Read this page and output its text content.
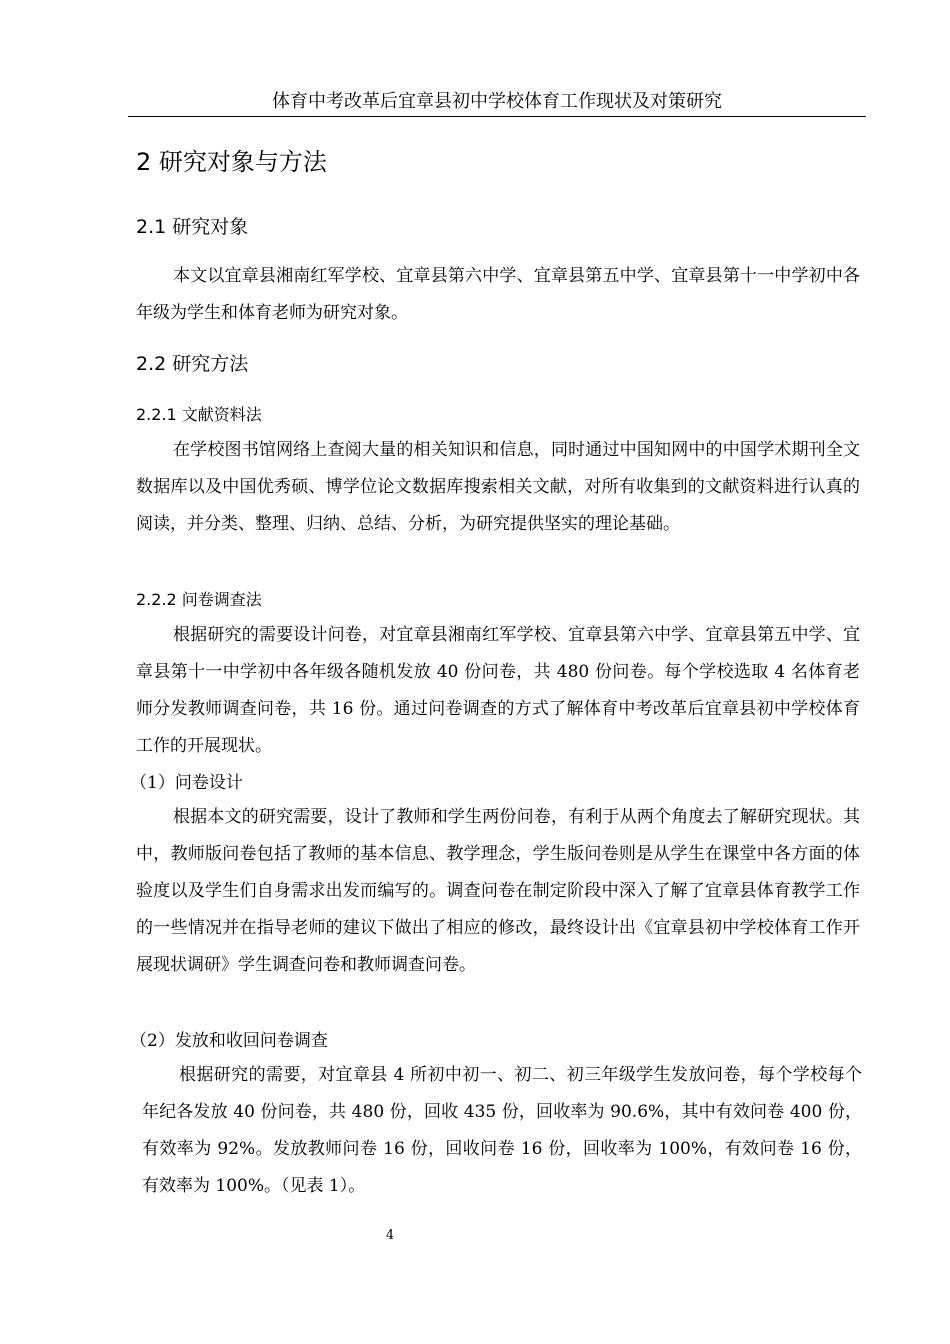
体育中考改革后宜章县初中学校体育工作现状及对策研究
2 研究对象与方法
2.1 研究对象

本文以宜章县湘南红军学校、宜章县第六中学、宜章县第五中学、宜章县第十一中学初中各年级为学生和体育老师为研究对象。

2.2 研究方法
2.2.1 文献资料法

在学校图书馆网络上查阅大量的相关知识和信息，同时通过中国知网中的中国学术期刊全文数据库以及中国优秀硕、博学位论文数据库搜索相关文献，对所有收集到的文献资料进行认真的阅读，并分类、整理、归纳、总结、分析，为研究提供坚实的理论基础。

2.2.2 问卷调查法

根据研究的需要设计问卷，对宜章县湘南红军学校、宜章县第六中学、宜章县第五中学、宜章县第十一中学初中各年级各随机发放 40 份问卷，共 480 份问卷。每个学校选取 4 名体育老师分发教师调查问卷，共 16 份。通过问卷调查的方式了解体育中考改革后宜章县初中学校体育工作的开展现状。

（1）问卷设计

根据本文的研究需要，设计了教师和学生两份问卷，有利于从两个角度去了解研究现状。其中，教师版问卷包括了教师的基本信息、教学理念，学生版问卷则是从学生在课堂中各方面的体验度以及学生们自身需求出发而编写的。调查问卷在制定阶段中深入了解了宜章县体育教学工作的一些情况并在指导老师的建议下做出了相应的修改，最终设计出《宜章县初中学校体育工作开展现状调研》学生调查问卷和教师调查问卷。

（2）发放和收回问卷调查

根据研究的需要，对宜章县 4 所初中初一、初二、初三年级学生发放问卷，每个学校每个年纪各发放 40 份问卷，共 480 份，回收 435 份，回收率为 90.6%，其中有效问卷 400 份，有效率为 92%。发放教师问卷 16 份，回收问卷 16 份，回收率为 100%，有效问卷 16 份，有效率为 100%。（见表 1）。

4
